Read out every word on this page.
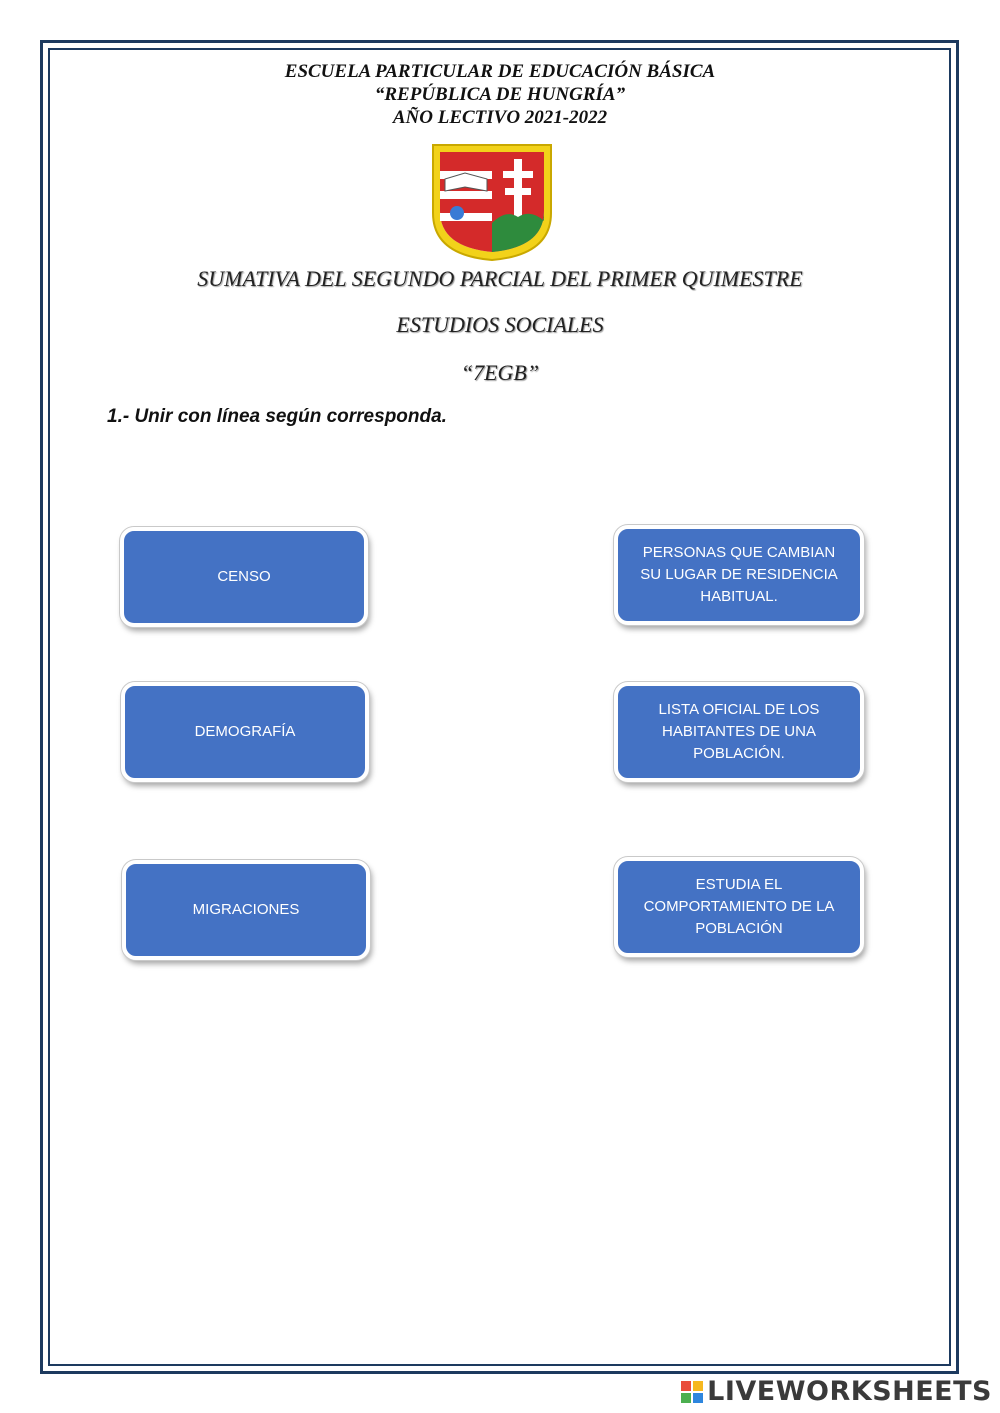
ESCUELA PARTICULAR DE EDUCACIÓN BÁSICA
“REPÚBLICA DE HUNGRÍA”
AÑO LECTIVO 2021-2022
SUMATIVA DEL SEGUNDO PARCIAL DEL PRIMER QUIMESTRE
ESTUDIOS SOCIALES
“7EGB”
1.- Unir con línea según corresponda.
CENSO
DEMOGRAFÍA
MIGRACIONES
PERSONAS QUE CAMBIAN SU LUGAR DE RESIDENCIA HABITUAL.
LISTA OFICIAL DE LOS HABITANTES DE UNA POBLACIÓN.
ESTUDIA EL COMPORTAMIENTO DE LA POBLACIÓN
LIVEWORKSHEETS
